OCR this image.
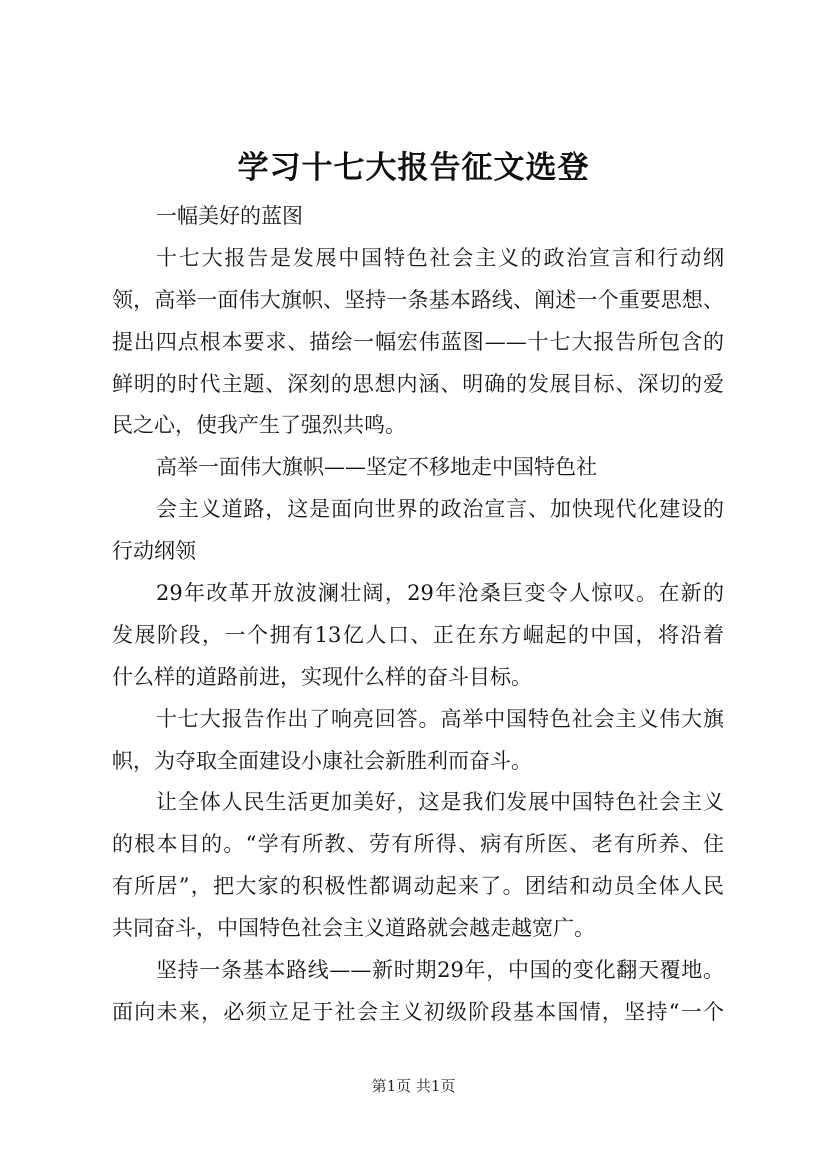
学习十七大报告征文选登
一幅美好的蓝图
十七大报告是发展中国特色社会主义的政治宣言和行动纲
领，高举一面伟大旗帜、坚持一条基本路线、阐述一个重要思想、
提出四点根本要求、描绘一幅宏伟蓝图——十七大报告所包含的
鲜明的时代主题、深刻的思想内涵、明确的发展目标、深切的爱
民之心，使我产生了强烈共鸣。
高举一面伟大旗帜——坚定不移地走中国特色社
会主义道路，这是面向世界的政治宣言、加快现代化建设的
行动纲领
29年改革开放波澜壮阔，29年沧桑巨变令人惊叹。在新的
发展阶段，一个拥有13亿人口、正在东方崛起的中国，将沿着
什么样的道路前进，实现什么样的奋斗目标。
十七大报告作出了响亮回答。高举中国特色社会主义伟大旗
帜，为夺取全面建设小康社会新胜利而奋斗。
让全体人民生活更加美好，这是我们发展中国特色社会主义
的根本目的。“学有所教、劳有所得、病有所医、老有所养、住
有所居”，把大家的积极性都调动起来了。团结和动员全体人民
共同奋斗，中国特色社会主义道路就会越走越宽广。
坚持一条基本路线——新时期29年，中国的变化翻天覆地。
面向未来，必须立足于社会主义初级阶段基本国情，坚持“一个
第1页 共1页
